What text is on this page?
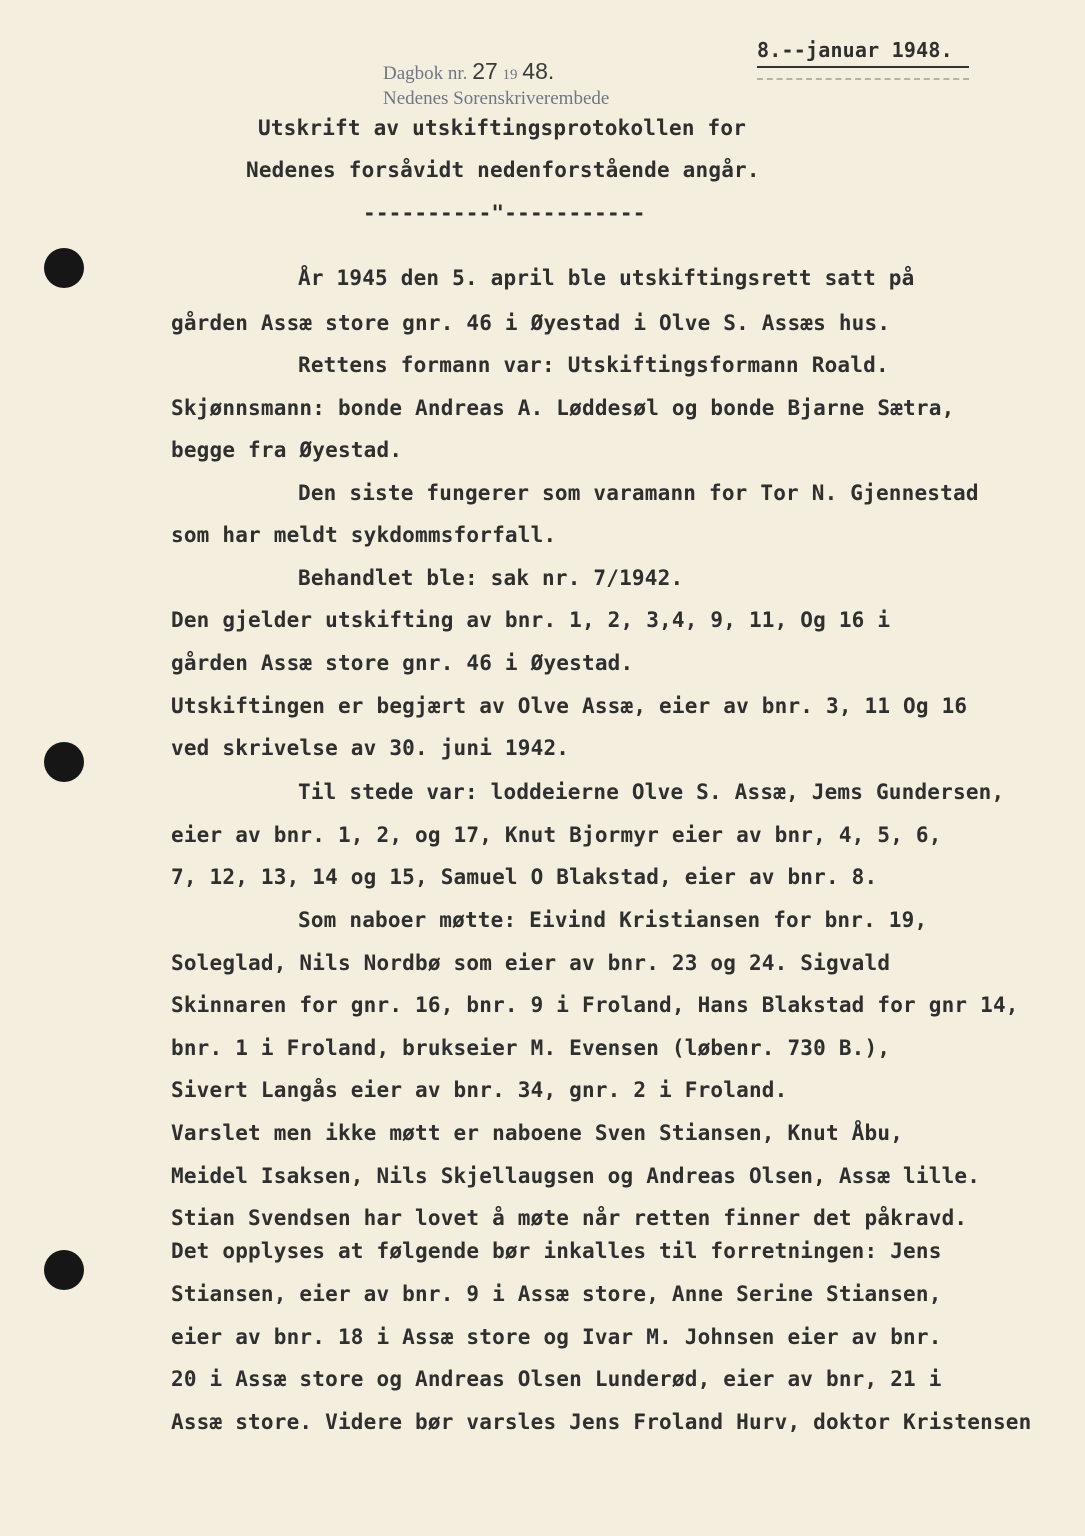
Dagbok nr. 27 19 48.
Nedenes Sorenskriverembede
8.--januar 1948.
Utskrift av utskiftingsprotokollen for
Nedenes forsåvidt nedenforstående angår.
----------"-----------
År 1945 den 5. april ble utskiftingsrett satt på
gården Assæ store gnr. 46 i Øyestad i Olve S. Assæs hus.
Rettens formann var: Utskiftingsformann Roald.
Skjønnsmann: bonde Andreas A. Løddesøl og bonde Bjarne Sætra,
begge fra Øyestad.
Den siste fungerer som varamann for Tor N. Gjennestad
som har meldt sykdommsforfall.
Behandlet ble: sak nr. 7/1942.
Den gjelder utskifting av bnr. 1, 2, 3,4, 9, 11, Og 16 i
gården Assæ store gnr. 46 i Øyestad.
Utskiftingen er begjært av Olve Assæ, eier av bnr. 3, 11 Og 16
ved skrivelse av 30. juni 1942.
Til stede var: loddeierne Olve S. Assæ, Jems Gundersen,
eier av bnr. 1, 2, og 17, Knut Bjormyr eier av bnr, 4, 5, 6,
7, 12, 13, 14 og 15, Samuel O Blakstad, eier av bnr. 8.
Som naboer møtte: Eivind Kristiansen for bnr. 19,
Soleglad, Nils Nordbø som eier av bnr. 23 og 24. Sigvald
Skinnaren for gnr. 16, bnr. 9 i Froland, Hans Blakstad for gnr 14,
bnr. 1 i Froland, brukseier M. Evensen (løbenr. 730 B.),
Sivert Langås eier av bnr. 34, gnr. 2 i Froland.
Varslet men ikke møtt er naboene Sven Stiansen, Knut Åbu,
Meidel Isaksen, Nils Skjellaugsen og Andreas Olsen, Assæ lille.
Stian Svendsen har lovet å møte når retten finner det påkravd.
Det opplyses at følgende bør inkalles til forretningen: Jens
Stiansen, eier av bnr. 9 i Assæ store, Anne Serine Stiansen,
eier av bnr. 18 i Assæ store og Ivar M. Johnsen eier av bnr.
20 i Assæ store og Andreas Olsen Lunderød, eier av bnr, 21 i
Assæ store. Videre bør varsles Jens Froland Hurv, doktor Kristensen
